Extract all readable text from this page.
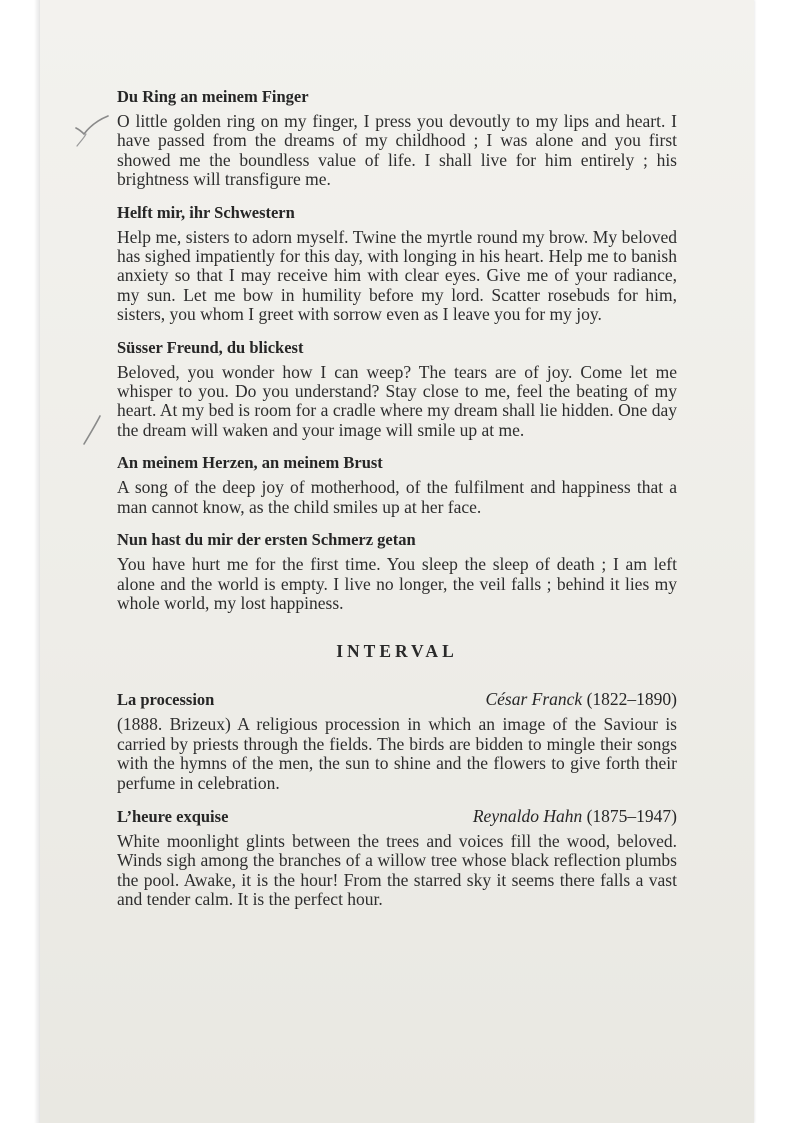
Du Ring an meinem Finger

O little golden ring on my finger, I press you devoutly to my lips and heart. I have passed from the dreams of my childhood ; I was alone and you first showed me the boundless value of life. I shall live for him entirely ; his brightness will transfigure me.

Helft mir, ihr Schwestern

Help me, sisters to adorn myself. Twine the myrtle round my brow. My beloved has sighed impatiently for this day, with longing in his heart. Help me to banish anxiety so that I may receive him with clear eyes. Give me of your radiance, my sun. Let me bow in humility before my lord. Scatter rosebuds for him, sisters, you whom I greet with sorrow even as I leave you for my joy.

Süsser Freund, du blickest

Beloved, you wonder how I can weep? The tears are of joy. Come let me whisper to you. Do you understand? Stay close to me, feel the beating of my heart. At my bed is room for a cradle where my dream shall lie hidden. One day the dream will waken and your image will smile up at me.

An meinem Herzen, an meinem Brust

A song of the deep joy of motherhood, of the fulfilment and happiness that a man cannot know, as the child smiles up at her face.

Nun hast du mir der ersten Schmerz getan

You have hurt me for the first time. You sleep the sleep of death ; I am left alone and the world is empty. I live no longer, the veil falls ; behind it lies my whole world, my lost happiness.

INTERVAL
La procession	César Franck (1822–1890)

(1888. Brizeux) A religious procession in which an image of the Saviour is carried by priests through the fields. The birds are bidden to mingle their songs with the hymns of the men, the sun to shine and the flowers to give forth their perfume in celebration.

L’heure exquise	Reynaldo Hahn (1875–1947)

White moonlight glints between the trees and voices fill the wood, beloved. Winds sigh among the branches of a willow tree whose black reflection plumbs the pool. Awake, it is the hour! From the starred sky it seems there falls a vast and tender calm. It is the perfect hour.
